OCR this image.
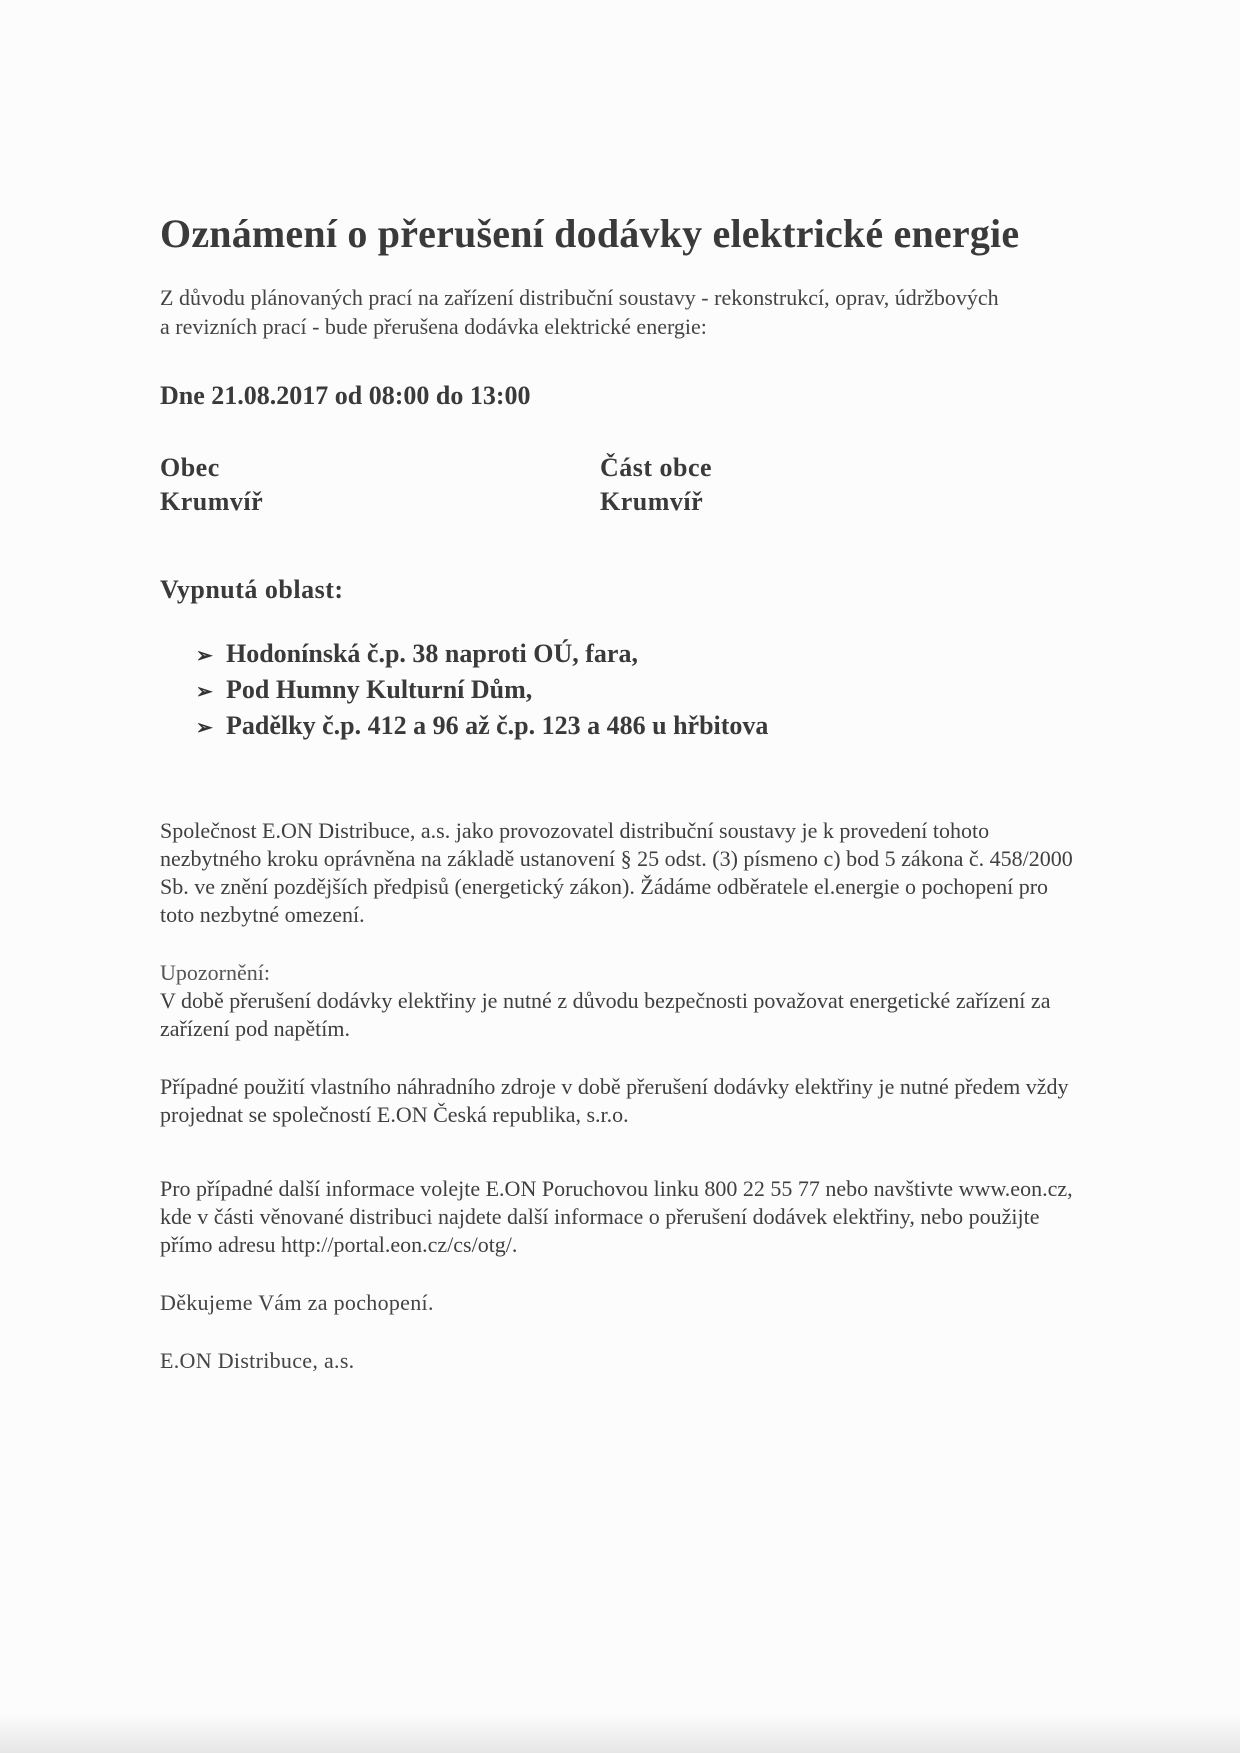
Oznámení o přerušení dodávky elektrické energie
Z důvodu plánovaných prací na zařízení distribuční soustavy - rekonstrukcí, oprav, údržbových
a revizních prací - bude přerušena dodávka elektrické energie:
Dne 21.08.2017 od 08:00 do 13:00
Obec
Krumvíř
Část obce
Krumvíř
Vypnutá oblast:
➢ Hodonínská č.p. 38 naproti OÚ, fara,
➢ Pod Humny Kulturní Dům,
➢ Padělky č.p. 412 a 96 až č.p. 123 a 486 u hřbitova
Společnost E.ON Distribuce, a.s. jako provozovatel distribuční soustavy je k provedení tohoto
nezbytného kroku oprávněna na základě ustanovení § 25 odst. (3) písmeno c) bod 5 zákona č. 458/2000
Sb. ve znění pozdějších předpisů (energetický zákon). Žádáme odběratele el.energie o pochopení pro
toto nezbytné omezení.
Upozornění:
V době přerušení dodávky elektřiny je nutné z důvodu bezpečnosti považovat energetické zařízení za
zařízení pod napětím.
Případné použití vlastního náhradního zdroje v době přerušení dodávky elektřiny je nutné předem vždy
projednat se společností E.ON Česká republika, s.r.o.
Pro případné další informace volejte E.ON Poruchovou linku 800 22 55 77 nebo navštivte www.eon.cz,
kde v části věnované distribuci najdete další informace o přerušení dodávek elektřiny, nebo použijte
přímo adresu http://portal.eon.cz/cs/otg/.
Děkujeme Vám za pochopení.
E.ON Distribuce, a.s.
